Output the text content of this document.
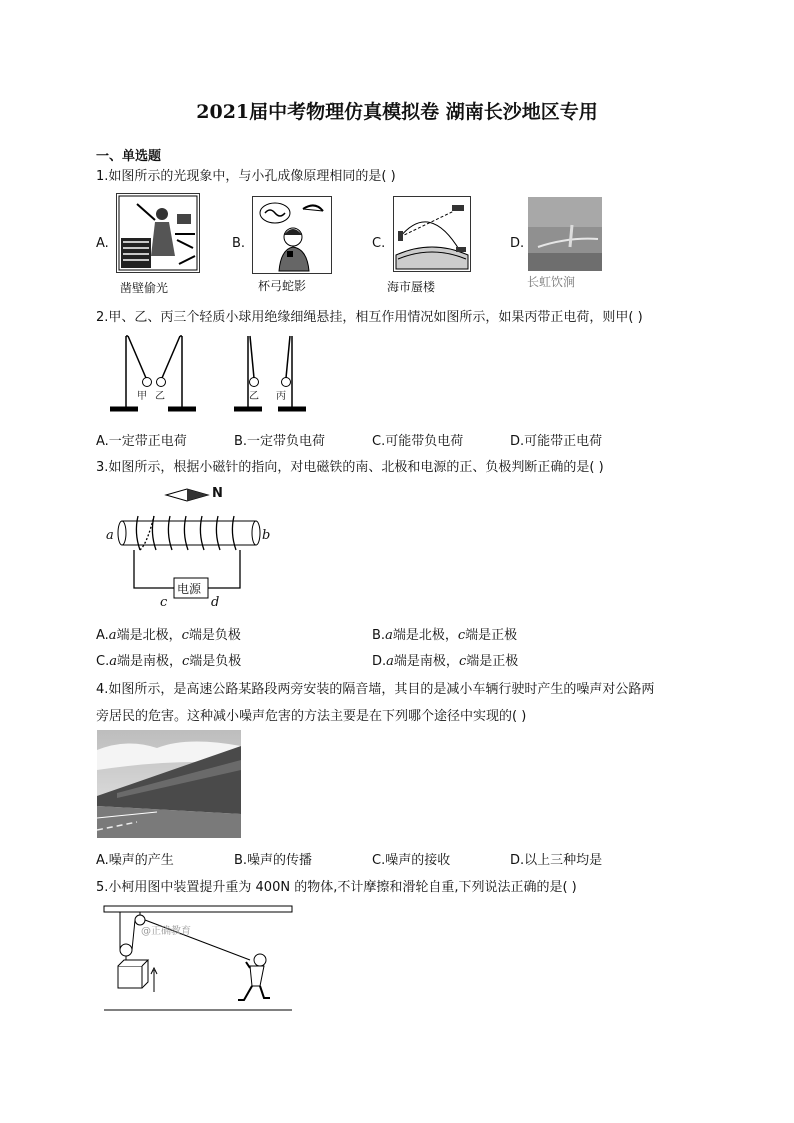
2021届中考物理仿真模拟卷 湖南长沙地区专用
一、单选题
1.如图所示的光现象中，与小孔成像原理相同的是( )
A.
凿壁偷光
B.
杯弓蛇影
C.
海市蜃楼
D.
长虹饮涧
2.甲、乙、丙三个轻质小球用绝缘细绳悬挂，相互作用情况如图所示，如果丙带正电荷，则甲( )
甲 乙	乙 丙
A.一定带正电荷	B.一定带负电荷	C.可能带负电荷	D.可能带正电荷
3.如图所示，根据小磁针的指向，对电磁铁的南、北极和电源的正、负极判断正确的是( )
N
a	b
电源
c	d
A.a端是北极，c端是负极	B.a端是北极，c端是正极
C.a端是南极，c端是负极	D.a端是南极，c端是正极
4.如图所示，是高速公路某路段两旁安装的隔音墙，其目的是减小车辆行驶时产生的噪声对公路两
旁居民的危害。这种减小噪声危害的方法主要是在下列哪个途径中实现的( )
A.噪声的产生	B.噪声的传播	C.噪声的接收	D.以上三种均是
5.小柯用图中装置提升重为 400N 的物体,不计摩擦和滑轮自重,下列说法正确的是( )
@正确教育
